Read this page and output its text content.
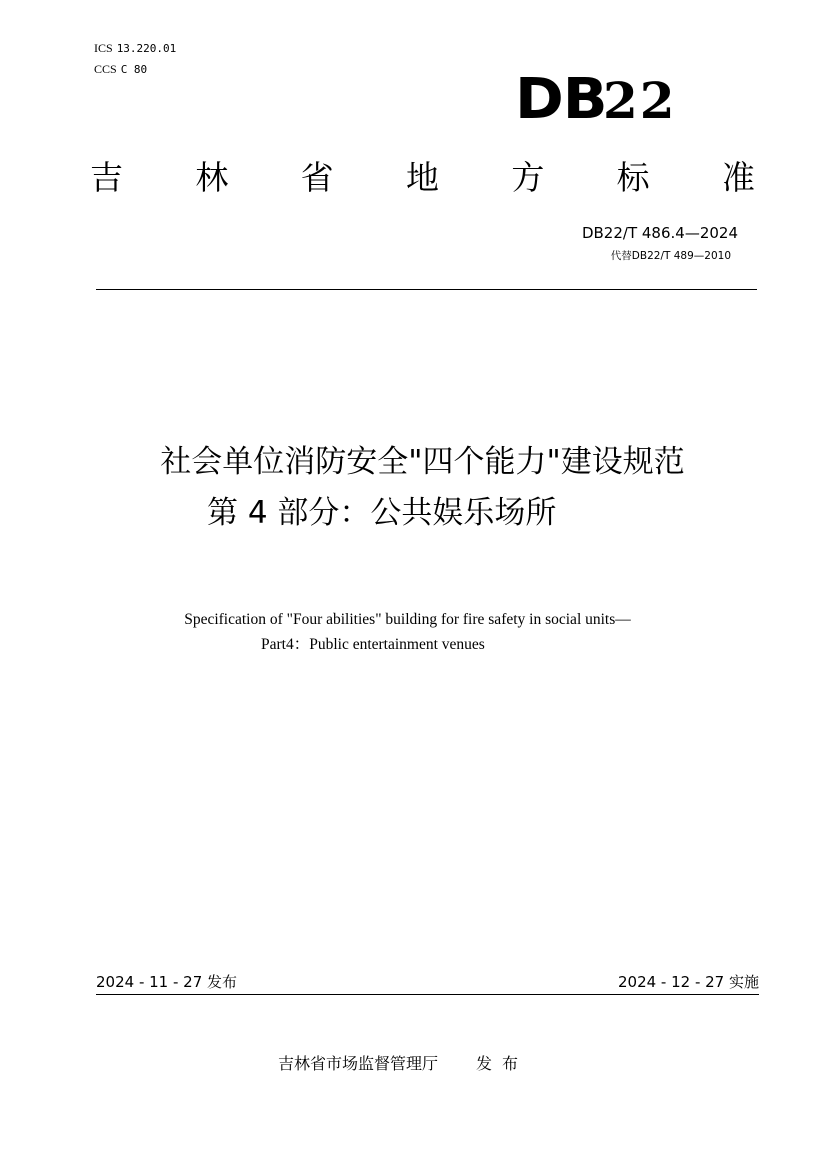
ICS 13.220.01
CCS C 80	DB
22
吉 林 省 地 方 标 准
DB22/T 486.4—2024
代替DB22/T 489—2010
社会单位消防安全"四个能力"建设规范
第 4 部分：公共娱乐场所
Specification of "Four abilities" building for fire safety in social units—
Part4：Public entertainment venues
2024 - 11 - 27 发布	2024 - 12 - 27 实施
吉林省市场监督管理厅 发布
